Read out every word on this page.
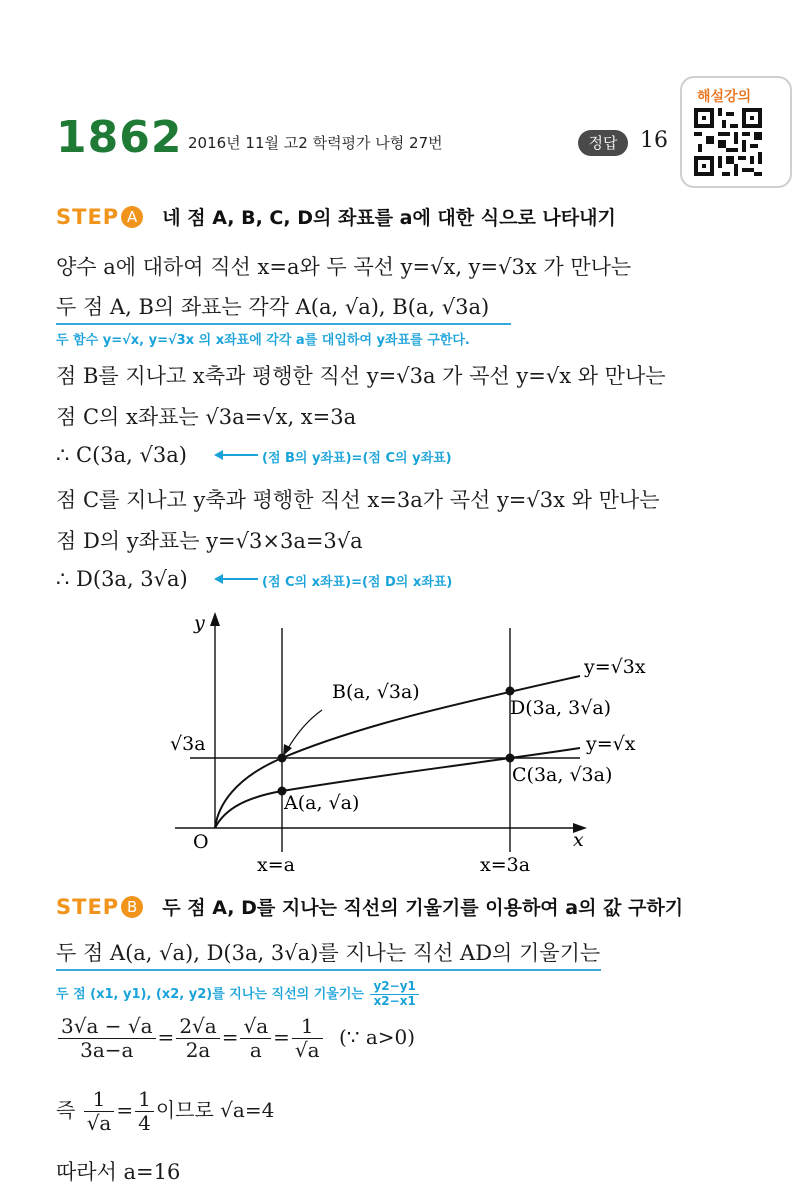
1862 2016년 11월 고2 학력평가 나형 27번	정답	16
해설강의
STEP A 네 점 A, B, C, D의 좌표를 a에 대한 식으로 나타내기
양수 a에 대하여 직선 x=a와 두 곡선 y=√x, y=√3x 가 만나는
두 점 A, B의 좌표는 각각 A(a, √a), B(a, √3a)
두 함수 y=√x, y=√3x 의 x좌표에 각각 a를 대입하여 y좌표를 구한다.
점 B를 지나고 x축과 평행한 직선 y=√3a 가 곡선 y=√x 와 만나는
점 C의 x좌표는 √3a=√x, x=3a
∴ C(3a, √3a)	(점 B의 y좌표)=(점 C의 y좌표)
점 C를 지나고 y축과 평행한 직선 x=3a가 곡선 y=√3x 와 만나는
점 D의 y좌표는 y=√3×3a=3√a
∴ D(3a, 3√a)	(점 C의 x좌표)=(점 D의 x좌표)
y
x
O
y=√3x
y=√x
B(a, √3a)
D(3a, 3√a)
C(3a, √3a)
A(a, √a)
√3a
x=a	x=3a
STEP B 두 점 A, D를 지나는 직선의 기울기를 이용하여 a의 값 구하기
두 점 A(a, √a), D(3a, 3√a)를 지나는 직선 AD의 기울기는
두 점 (x1, y1), (x2, y2)를 지나는 직선의 기울기는 $\frac{y2-y1}{x2-x1}$
$\frac{3√a - √a}{3a-a} = \frac{2√a}{2a} = \frac{√a}{a} = \frac{1}{√a}$ (∵ a>0)
즉 $\frac{1}{√a} = \frac{1}{4}$ 이므로 √a=4
따라서 a=16
